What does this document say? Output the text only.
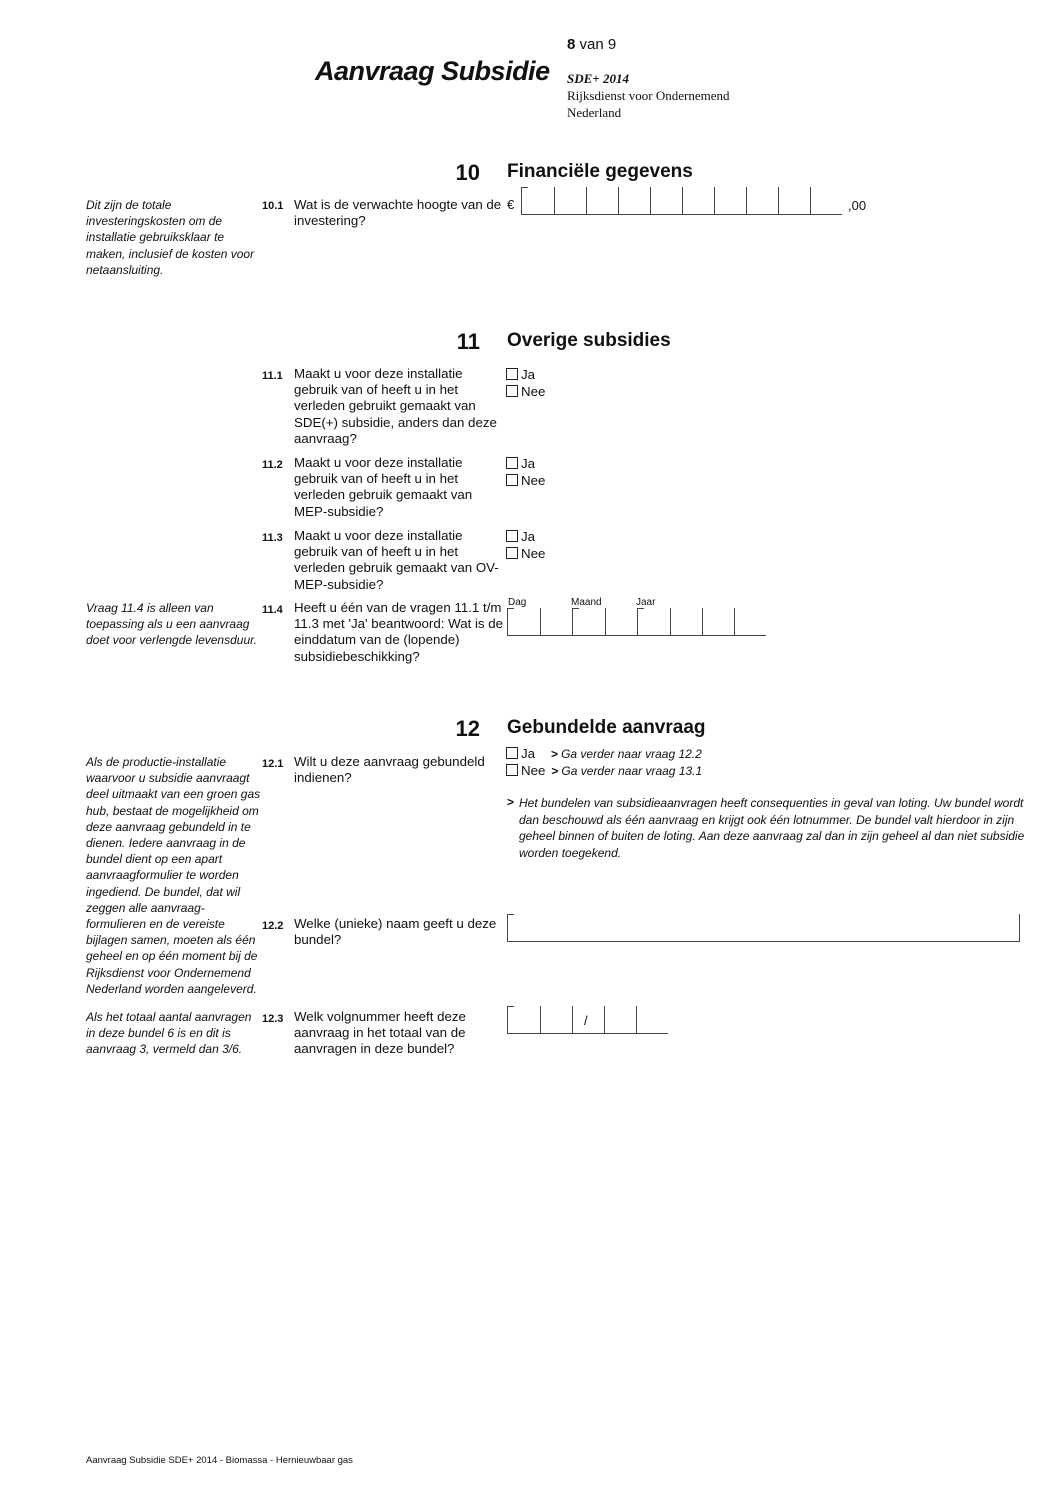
8 van 9
Aanvraag Subsidie SDE+ 2014
Rijksdienst voor Ondernemend
Nederland
10 Financiële gegevens
Dit zijn de totale investeringskosten om de installatie gebruiksklaar te maken, inclusief de kosten voor netaansluiting.
10.1 Wat is de verwachte hoogte van de investering?
€	,00
11 Overige subsidies
11.1 Maakt u voor deze installatie gebruik van of heeft u in het verleden gebruikt gemaakt van SDE(+) subsidie, anders dan deze aanvraag?
Ja
Nee
11.2 Maakt u voor deze installatie gebruik van of heeft u in het verleden gebruik gemaakt van MEP-subsidie?
Ja
Nee
11.3 Maakt u voor deze installatie gebruik van of heeft u in het verleden gebruik gemaakt van OV-MEP-subsidie?
Ja
Nee
Vraag 11.4 is alleen van toepassing als u een aanvraag doet voor verlengde levensduur.
11.4 Heeft u één van de vragen 11.1 t/m 11.3 met 'Ja' beantwoord: Wat is de einddatum van de (lopende) subsidiebeschikking?
Dag	Maand	Jaar
12 Gebundelde aanvraag
Als de productie-installatie waarvoor u subsidie aanvraagt deel uitmaakt van een groen gas hub, bestaat de mogelijkheid om deze aanvraag gebundeld in te dienen. Iedere aanvraag in de bundel dient op een apart aanvraagformulier te worden ingediend. De bundel, dat wil zeggen alle aanvraag-formulieren en de vereiste bijlagen samen, moeten als één geheel en op één moment bij de Rijksdienst voor Ondernemend Nederland worden aangeleverd.
12.1 Wilt u deze aanvraag gebundeld indienen?
Ja > Ga verder naar vraag 12.2
Nee > Ga verder naar vraag 13.1
> Het bundelen van subsidieaanvragen heeft consequenties in geval van loting. Uw bundel wordt dan beschouwd als één aanvraag en krijgt ook één lotnummer. De bundel valt hierdoor in zijn geheel binnen of buiten de loting. Aan deze aanvraag zal dan in zijn geheel al dan niet subsidie worden toegekend.
12.2 Welke (unieke) naam geeft u deze bundel?
Als het totaal aantal aanvragen in deze bundel 6 is en dit is aanvraag 3, vermeld dan 3/6.
12.3 Welk volgnummer heeft deze aanvraag in het totaal van de aanvragen in deze bundel?
/
Aanvraag Subsidie SDE+ 2014 - Biomassa - Hernieuwbaar gas
